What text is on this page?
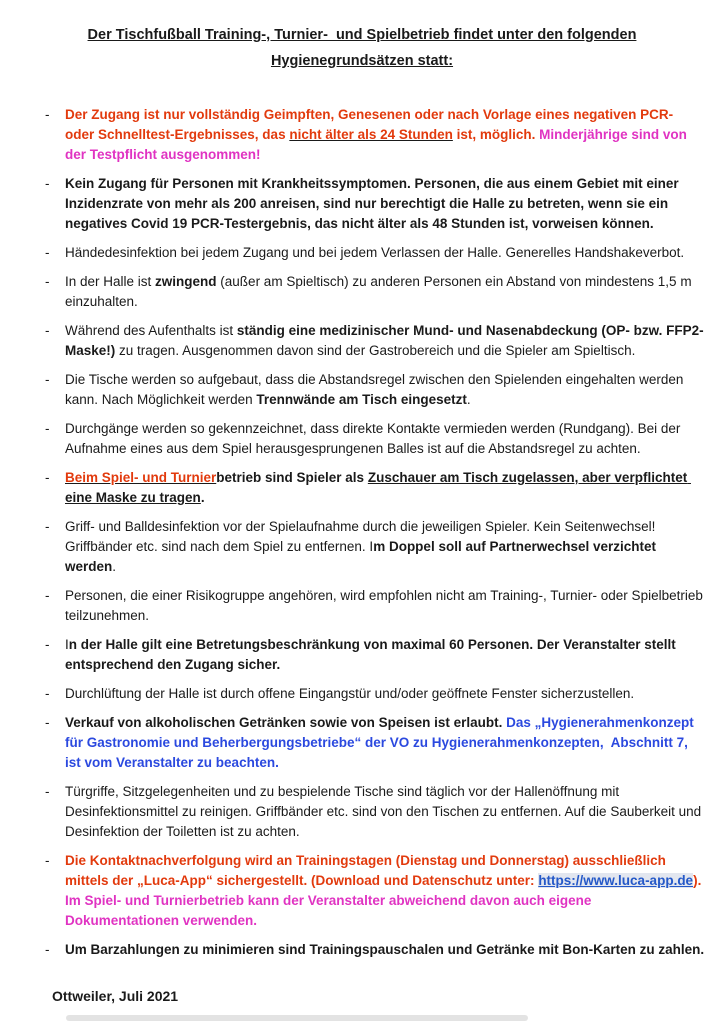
Der Tischfußball Training-, Turnier-  und Spielbetrieb findet unter den folgenden
Hygienegrundsätzen statt:
- Der Zugang ist nur vollständig Geimpften, Genesenen oder nach Vorlage eines negativen PCR- oder Schnelltest-Ergebnisses, das nicht älter als 24 Stunden ist, möglich. Minderjährige sind von der Testpflicht ausgenommen!
- Kein Zugang für Personen mit Krankheitssymptomen. Personen, die aus einem Gebiet mit einer Inzidenzrate von mehr als 200 anreisen, sind nur berechtigt die Halle zu betreten, wenn sie ein negatives Covid 19 PCR-Testergebnis, das nicht älter als 48 Stunden ist, vorweisen können.
- Händedesinfektion bei jedem Zugang und bei jedem Verlassen der Halle. Generelles Handshakeverbot.
- In der Halle ist zwingend (außer am Spieltisch) zu anderen Personen ein Abstand von mindestens 1,5 m einzuhalten.
- Während des Aufenthalts ist ständig eine medizinischer Mund- und Nasenabdeckung (OP- bzw. FFP2-Maske!) zu tragen. Ausgenommen davon sind der Gastrobereich und die Spieler am Spieltisch.
- Die Tische werden so aufgebaut, dass die Abstandsregel zwischen den Spielenden eingehalten werden kann. Nach Möglichkeit werden Trennwände am Tisch eingesetzt.
- Durchgänge werden so gekennzeichnet, dass direkte Kontakte vermieden werden (Rundgang). Bei der Aufnahme eines aus dem Spiel herausgesprungenen Balles ist auf die Abstandsregel zu achten.
- Beim Spiel- und Turnierbetrieb sind Spieler als Zuschauer am Tisch zugelassen, aber verpflichtet eine Maske zu tragen.
- Griff- und Balldesinfektion vor der Spielaufnahme durch die jeweiligen Spieler. Kein Seitenwechsel! Griffbänder etc. sind nach dem Spiel zu entfernen. Im Doppel soll auf Partnerwechsel verzichtet werden.
- Personen, die einer Risikogruppe angehören, wird empfohlen nicht am Training-, Turnier- oder Spielbetrieb teilzunehmen.
- In der Halle gilt eine Betretungsbeschränkung von maximal 60 Personen. Der Veranstalter stellt entsprechend den Zugang sicher.
- Durchlüftung der Halle ist durch offene Eingangstür und/oder geöffnete Fenster sicherzustellen.
- Verkauf von alkoholischen Getränken sowie von Speisen ist erlaubt. Das „Hygienerahmenkonzept für Gastronomie und Beherbergungsbetriebe“ der VO zu Hygienerahmenkonzepten,  Abschnitt 7, ist vom Veranstalter zu beachten.
- Türgriffe, Sitzgelegenheiten und zu bespielende Tische sind täglich vor der Hallenöffnung mit Desinfektionsmittel zu reinigen. Griffbänder etc. sind von den Tischen zu entfernen. Auf die Sauberkeit und Desinfektion der Toiletten ist zu achten.
- Die Kontaktnachverfolgung wird an Trainingstagen (Dienstag und Donnerstag) ausschließlich mittels der „Luca-App“ sichergestellt. (Download und Datenschutz unter: https://www.luca-app.de). Im Spiel- und Turnierbetrieb kann der Veranstalter abweichend davon auch eigene Dokumentationen verwenden.
- Um Barzahlungen zu minimieren sind Trainingspauschalen und Getränke mit Bon-Karten zu zahlen.
Ottweiler, Juli 2021
